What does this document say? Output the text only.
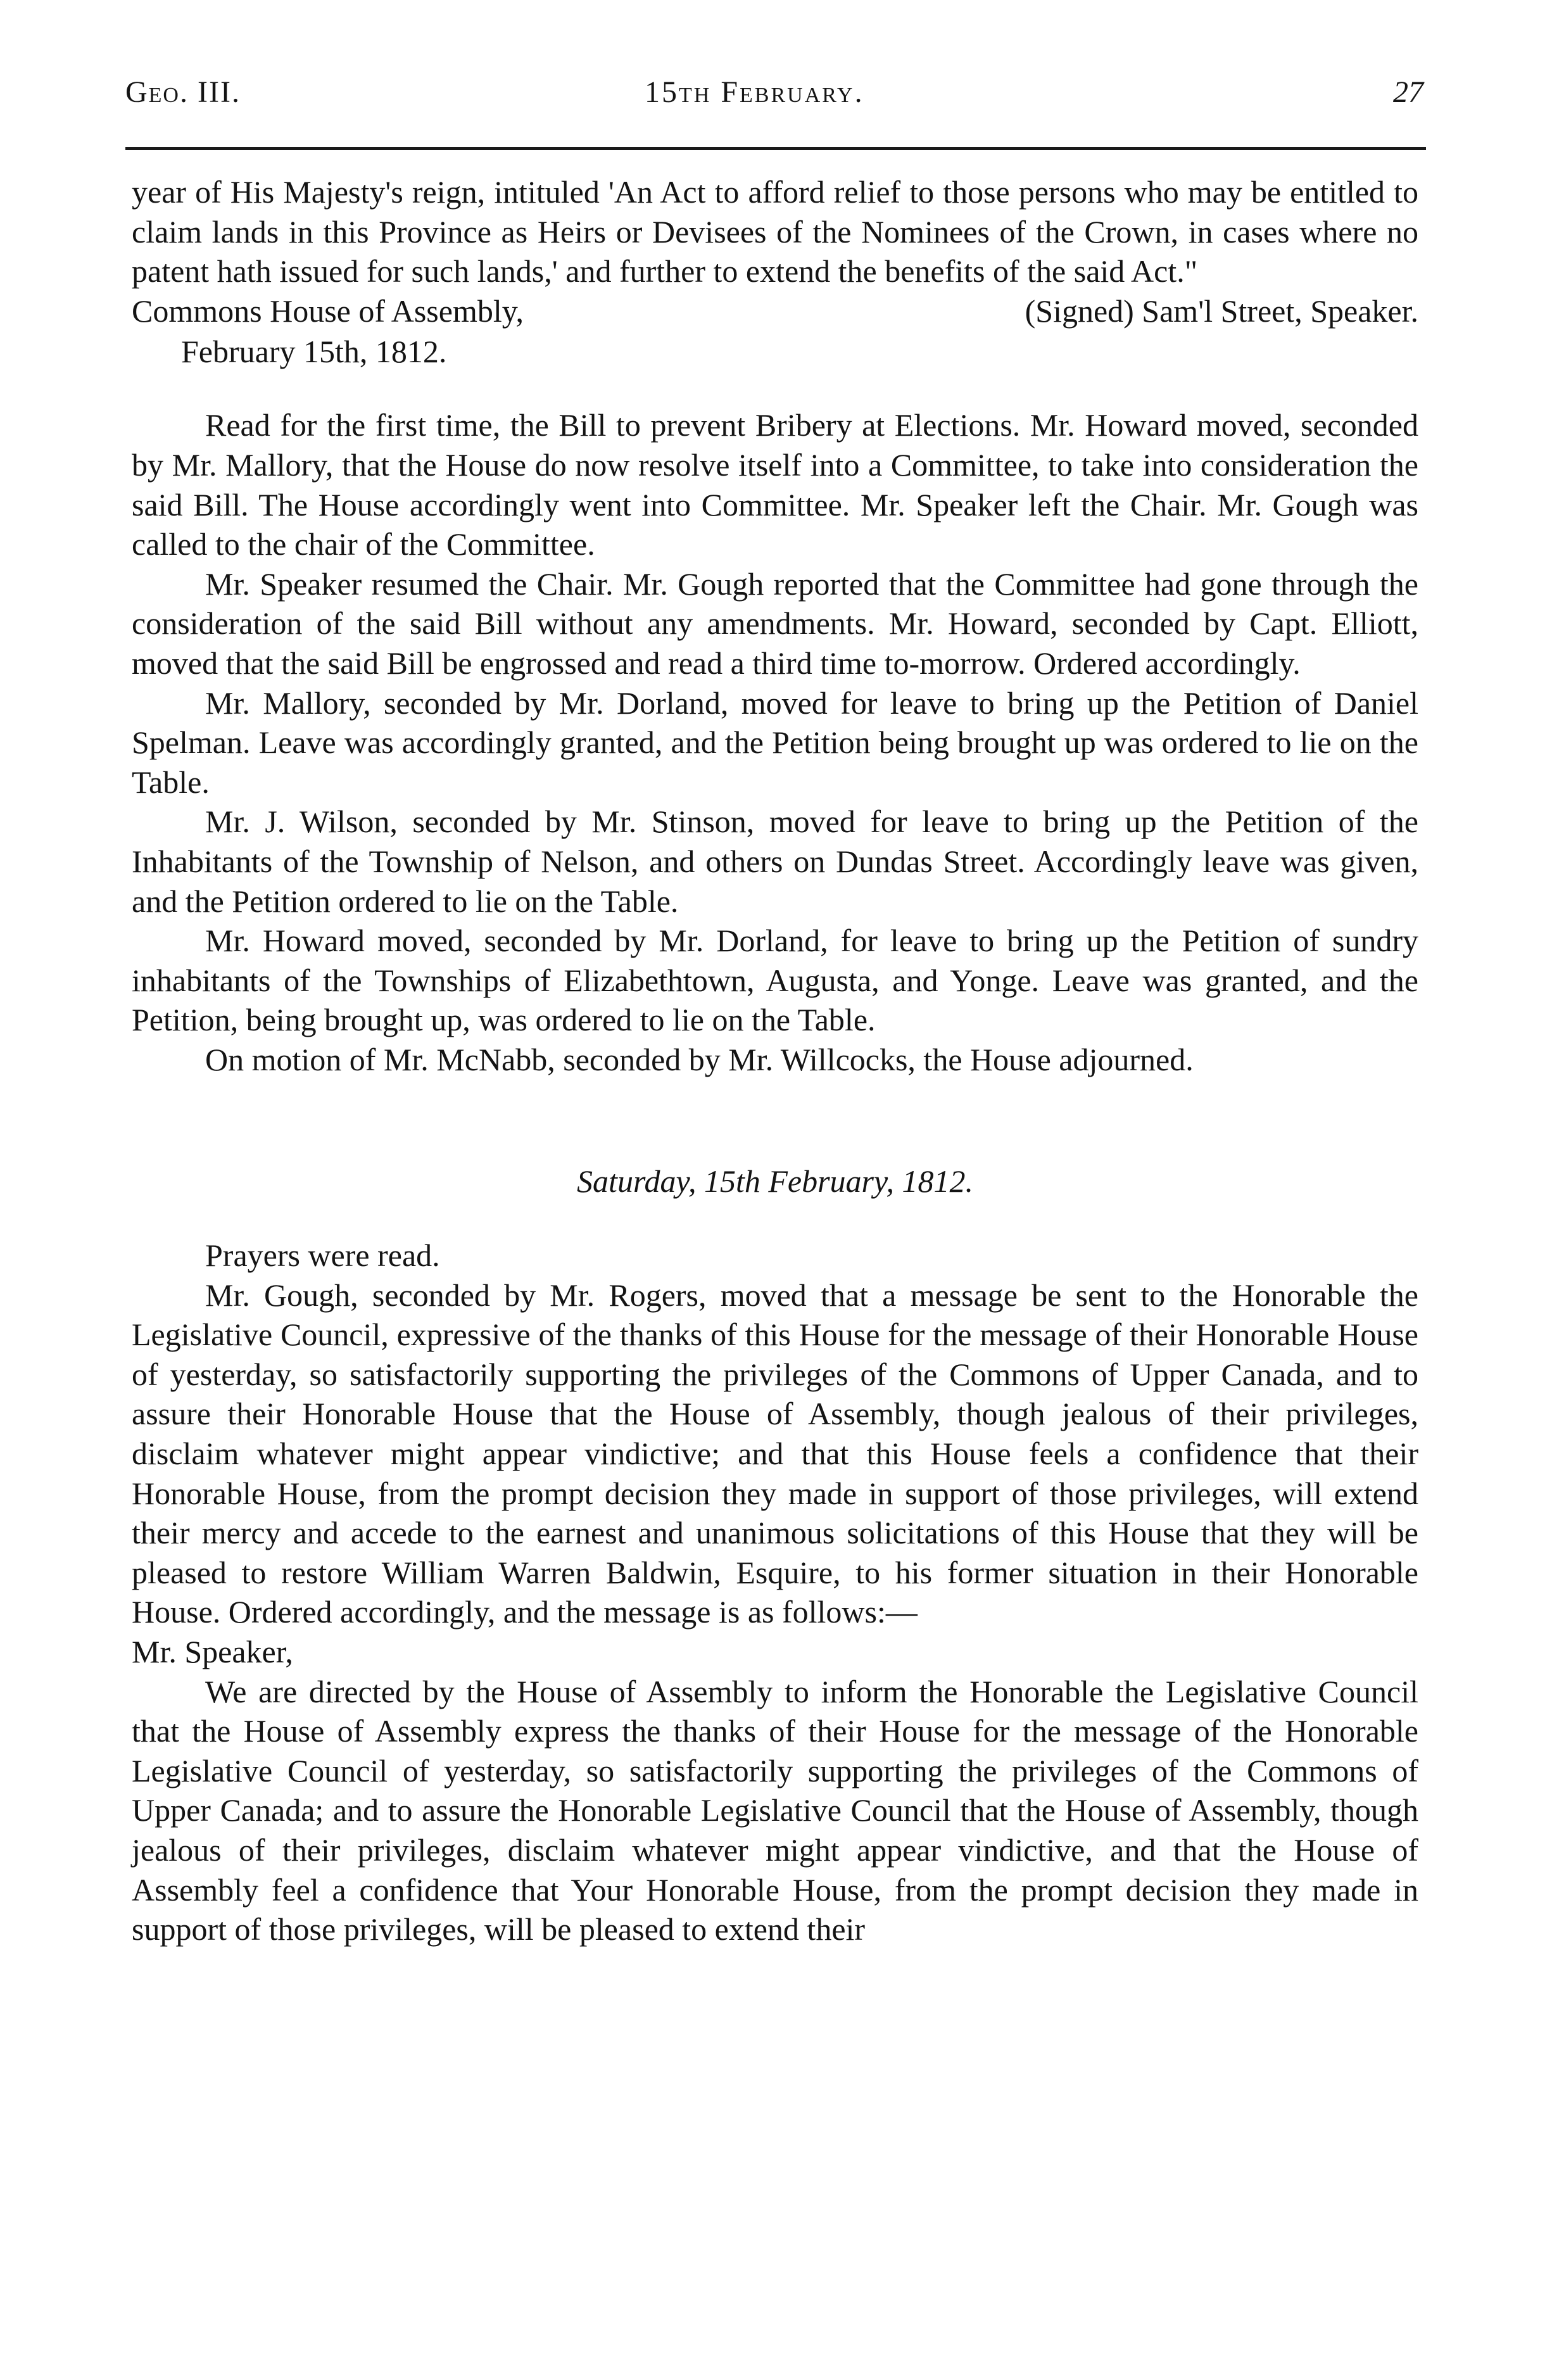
Geo. III.	15th February.	27

year of His Majesty's reign, intituled 'An Act to afford relief to those persons who may be entitled to claim lands in this Province as Heirs or Devisees of the Nominees of the Crown, in cases where no patent hath issued for such lands,' and further to extend the benefits of the said Act."

Commons House of Assembly,	(Signed) Sam'l Street, Speaker.

February 15th, 1812.

Read for the first time, the Bill to prevent Bribery at Elections. Mr. Howard moved, seconded by Mr. Mallory, that the House do now resolve itself into a Committee, to take into consideration the said Bill. The House accordingly went into Committee. Mr. Speaker left the Chair. Mr. Gough was called to the chair of the Committee.

Mr. Speaker resumed the Chair. Mr. Gough reported that the Committee had gone through the consideration of the said Bill without any amendments. Mr. Howard, seconded by Capt. Elliott, moved that the said Bill be engrossed and read a third time to-morrow. Ordered accordingly.

Mr. Mallory, seconded by Mr. Dorland, moved for leave to bring up the Petition of Daniel Spelman. Leave was accordingly granted, and the Petition being brought up was ordered to lie on the Table.

Mr. J. Wilson, seconded by Mr. Stinson, moved for leave to bring up the Petition of the Inhabitants of the Township of Nelson, and others on Dundas Street. Accordingly leave was given, and the Petition ordered to lie on the Table.

Mr. Howard moved, seconded by Mr. Dorland, for leave to bring up the Petition of sundry inhabitants of the Townships of Elizabethtown, Augusta, and Yonge. Leave was granted, and the Petition, being brought up, was ordered to lie on the Table.

On motion of Mr. McNabb, seconded by Mr. Willcocks, the House adjourned.

Saturday, 15th February, 1812.

Prayers were read.

Mr. Gough, seconded by Mr. Rogers, moved that a message be sent to the Honorable the Legislative Council, expressive of the thanks of this House for the message of their Honorable House of yesterday, so satisfactorily supporting the privileges of the Commons of Upper Canada, and to assure their Honorable House that the House of Assembly, though jealous of their privileges, disclaim whatever might appear vindictive; and that this House feels a confidence that their Honorable House, from the prompt decision they made in support of those privileges, will extend their mercy and accede to the earnest and unanimous solicitations of this House that they will be pleased to restore William Warren Baldwin, Esquire, to his former situation in their Honorable House. Ordered accordingly, and the message is as follows:—

Mr. Speaker,

We are directed by the House of Assembly to inform the Honorable the Legislative Council that the House of Assembly express the thanks of their House for the message of the Honorable Legislative Council of yesterday, so satisfactorily supporting the privileges of the Commons of Upper Canada; and to assure the Honorable Legislative Council that the House of Assembly, though jealous of their privileges, disclaim whatever might appear vindictive, and that the House of Assembly feel a confidence that Your Honorable House, from the prompt decision they made in support of those privileges, will be pleased to extend their
